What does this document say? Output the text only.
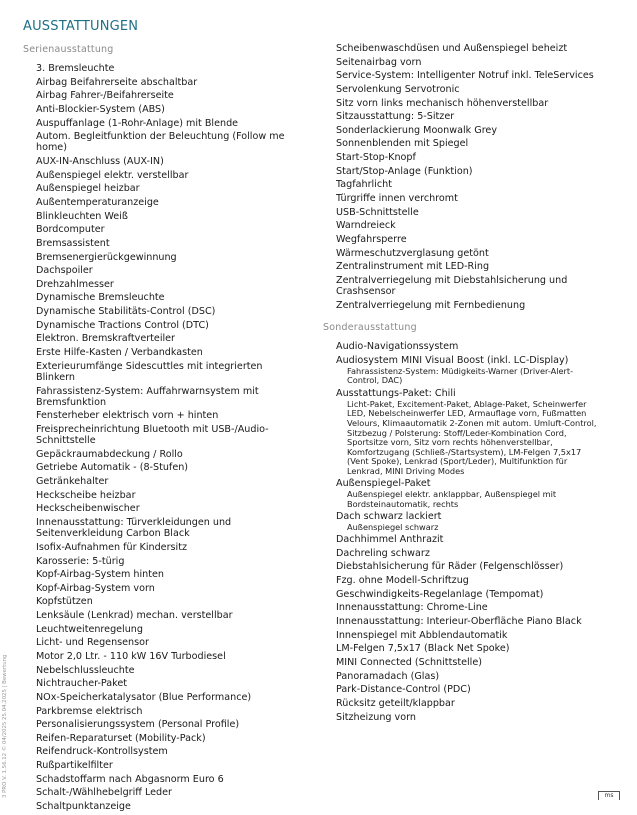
AUSSTATTUNGEN
Serienausstattung
Sonderausstattung
3. Bremsleuchte
Airbag Beifahrerseite abschaltbar
Airbag Fahrer-/Beifahrerseite
Anti-Blockier-System (ABS)
Auspuffanlage (1-Rohr-Anlage) mit Blende
Autom. Begleitfunktion der Beleuchtung (Follow me home)
AUX-IN-Anschluss (AUX-IN)
Außenspiegel elektr. verstellbar
Außenspiegel heizbar
Außentemperaturanzeige
Blinkleuchten Weiß
Bordcomputer
Bremsassistent
Bremsenergierückgewinnung
Dachspoiler
Drehzahlmesser
Dynamische Bremsleuchte
Dynamische Stabilitäts-Control (DSC)
Dynamische Tractions Control (DTC)
Elektron. Bremskraftverteiler
Erste Hilfe-Kasten / Verbandkasten
Exterieurumfänge Sidescuttles mit integrierten Blinkern
Fahrassistenz-System: Auffahrwarnsystem mit Bremsfunktion
Fensterheber elektrisch vorn + hinten
Freisprecheinrichtung Bluetooth mit USB-/Audio-Schnittstelle
Gepäckraumabdeckung / Rollo
Getriebe Automatik - (8-Stufen)
Getränkehalter
Heckscheibe heizbar
Heckscheibenwischer
Innenausstattung: Türverkleidungen und Seitenverkleidung Carbon Black
Isofix-Aufnahmen für Kindersitz
Karosserie: 5-türig
Kopf-Airbag-System hinten
Kopf-Airbag-System vorn
Kopfstützen
Lenksäule (Lenkrad) mechan. verstellbar
Leuchtweitenregelung
Licht- und Regensensor
Motor 2,0 Ltr. - 110 kW 16V Turbodiesel
Nebelschlussleuchte
Nichtraucher-Paket
NOx-Speicherkatalysator (Blue Performance)
Parkbremse elektrisch
Personalisierungssystem (Personal Profile)
Reifen-Reparaturset (Mobility-Pack)
Reifendruck-Kontrollsystem
Rußpartikelfilter
Schadstoffarm nach Abgasnorm Euro 6
Schalt-/Wählhebelgriff Leder
Schaltpunktanzeige
Scheibenwaschdüsen und Außenspiegel beheizt
Seitenairbag vorn
Service-System: Intelligenter Notruf inkl. TeleServices
Servolenkung Servotronic
Sitz vorn links mechanisch höhenverstellbar
Sitzausstattung: 5-Sitzer
Sonderlackierung Moonwalk Grey
Sonnenblenden mit Spiegel
Start-Stop-Knopf
Start/Stop-Anlage (Funktion)
Tagfahrlicht
Türgriffe innen verchromt
USB-Schnittstelle
Warndreieck
Wegfahrsperre
Wärmeschutzverglasung getönt
Zentralinstrument mit LED-Ring
Zentralverriegelung mit Diebstahlsicherung und Crashsensor
Zentralverriegelung mit Fernbedienung
Audio-Navigationssystem
Audiosystem MINI Visual Boost (inkl. LC-Display)
Fahrassistenz-System: Müdigkeits-Warner (Driver-Alert-Control, DAC)
Ausstattungs-Paket: Chili
Licht-Paket, Excitement-Paket, Ablage-Paket, Scheinwerfer LED, Nebelscheinwerfer LED, Armauflage vorn, Fußmatten Velours, Klimaautomatik 2-Zonen mit autom. Umluft-Control, Sitzbezug / Polsterung: Stoff/Leder-Kombination Cord, Sportsitze vorn, Sitz vorn rechts höhenverstellbar, Komfortzugang (Schließ-/Startsystem), LM-Felgen 7,5x17 (Vent Spoke), Lenkrad (Sport/Leder), Multifunktion für Lenkrad, MINI Driving Modes
Außenspiegel-Paket
Außenspiegel elektr. anklappbar, Außenspiegel mit Bordsteinautomatik, rechts
Dach schwarz lackiert
Außenspiegel schwarz
Dachhimmel Anthrazit
Dachreling schwarz
Diebstahlsicherung für Räder (Felgenschlösser)
Fzg. ohne Modell-Schriftzug
Geschwindigkeits-Regelanlage (Tempomat)
Innenausstattung: Chrome-Line
Innenausstattung: Interieur-Oberfläche Piano Black
Innenspiegel mit Abblendautomatik
LM-Felgen 7,5x17 (Black Net Spoke)
MINI Connected (Schnittstelle)
Panoramadach (Glas)
Park-Distance-Control (PDC)
Rücksitz geteilt/klappbar
Sitzheizung vorn
3 PRO V. 1.56.12 © 04/2025 25.04.2025 | Bewertung	ms
